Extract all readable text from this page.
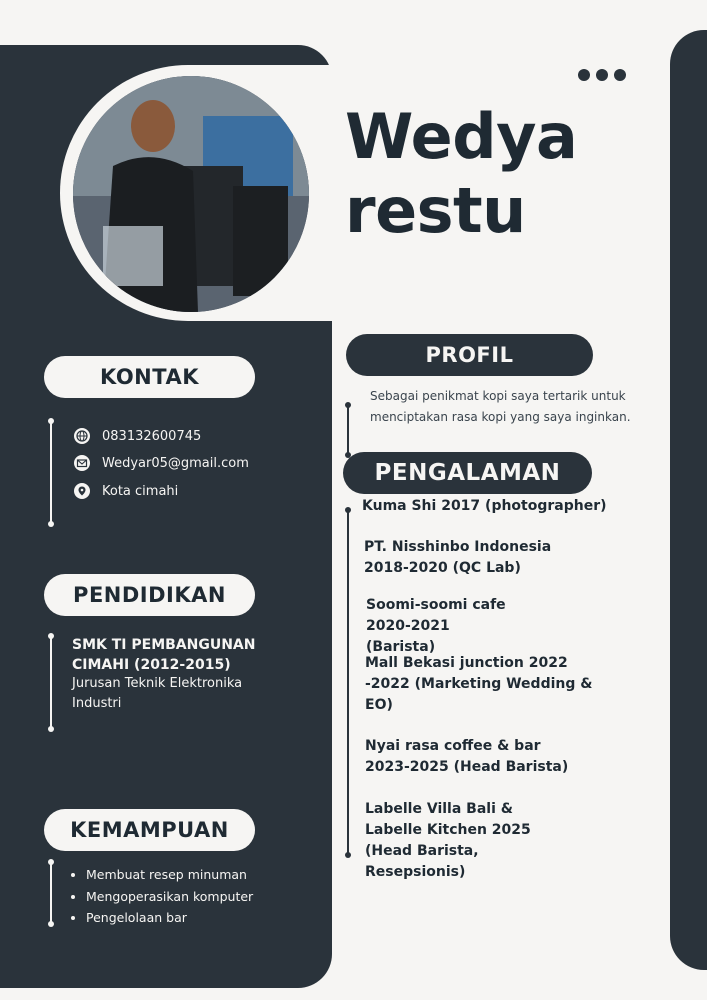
Wedya
restu
KONTAK
083132600745
Wedyar05@gmail.com
Kota cimahi
PENDIDIKAN
SMK TI PEMBANGUNAN CIMAHI (2012-2015)
Jurusan Teknik Elektronika Industri
KEMAMPUAN
• Membuat resep minuman
• Mengoperasikan komputer
• Pengelolaan bar
PROFIL
Sebagai penikmat kopi saya tertarik untuk menciptakan rasa kopi yang saya inginkan.
PENGALAMAN
Kuma Shi 2017 (photographer)
PT. Nisshinbo Indonesia 2018-2020 (QC Lab)
Soomi-soomi cafe 2020-2021 (Barista)
Mall Bekasi junction 2022 -2022 (Marketing Wedding & EO)
Nyai rasa coffee & bar 2023-2025 (Head Barista)
Labelle Villa Bali & Labelle Kitchen 2025 (Head Barista, Resepsionis)
